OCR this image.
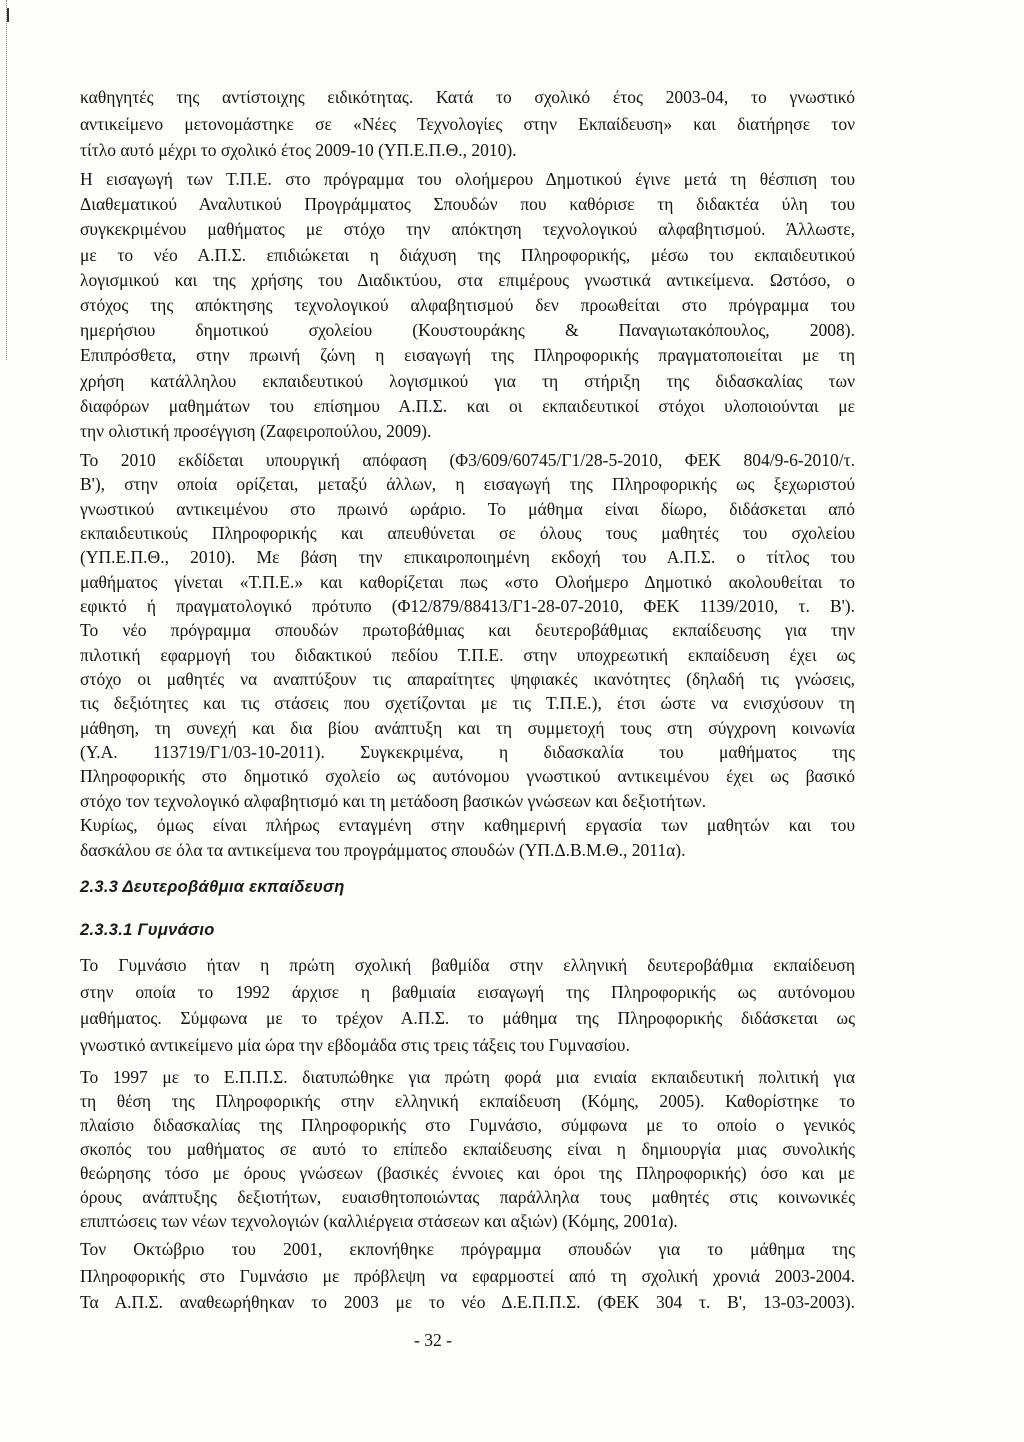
καθηγητές της αντίστοιχης ειδικότητας. Κατά το σχολικό έτος 2003-04, το γνωστικό
αντικείμενο μετονομάστηκε σε «Νέες Τεχνολογίες στην Εκπαίδευση» και διατήρησε τον
τίτλο αυτό μέχρι το σχολικό έτος 2009-10 (ΥΠ.Ε.Π.Θ., 2010).
Η εισαγωγή των Τ.Π.Ε. στο πρόγραμμα του ολοήμερου Δημοτικού έγινε μετά τη θέσπιση του
Διαθεματικού Αναλυτικού Προγράμματος Σπουδών που καθόρισε τη διδακτέα ύλη του
συγκεκριμένου μαθήματος με στόχο την απόκτηση τεχνολογικού αλφαβητισμού. Άλλωστε,
με το νέο Α.Π.Σ. επιδιώκεται η διάχυση της Πληροφορικής, μέσω του εκπαιδευτικού
λογισμικού και της χρήσης του Διαδικτύου, στα επιμέρους γνωστικά αντικείμενα. Ωστόσο, ο
στόχος της απόκτησης τεχνολογικού αλφαβητισμού δεν προωθείται στο πρόγραμμα του
ημερήσιου δημοτικού σχολείου (Κουστουράκης & Παναγιωτακόπουλος, 2008).
Επιπρόσθετα, στην πρωινή ζώνη η εισαγωγή της Πληροφορικής πραγματοποιείται με τη
χρήση κατάλληλου εκπαιδευτικού λογισμικού για τη στήριξη της διδασκαλίας των
διαφόρων μαθημάτων του επίσημου Α.Π.Σ. και οι εκπαιδευτικοί στόχοι υλοποιούνται με
την ολιστική προσέγγιση (Ζαφειροπούλου, 2009).
Το 2010 εκδίδεται υπουργική απόφαση (Φ3/609/60745/Γ1/28-5-2010, ΦΕΚ 804/9-6-2010/τ.
Β'), στην οποία ορίζεται, μεταξύ άλλων, η εισαγωγή της Πληροφορικής ως ξεχωριστού
γνωστικού αντικειμένου στο πρωινό ωράριο. Το μάθημα είναι δίωρο, διδάσκεται από
εκπαιδευτικούς Πληροφορικής και απευθύνεται σε όλους τους μαθητές του σχολείου
(ΥΠ.Ε.Π.Θ., 2010). Με βάση την επικαιροποιημένη εκδοχή του Α.Π.Σ. ο τίτλος του
μαθήματος γίνεται «Τ.Π.Ε.» και καθορίζεται πως «στο Ολοήμερο Δημοτικό ακολουθείται το
εφικτό ή πραγματολογικό πρότυπο (Φ12/879/88413/Γ1-28-07-2010, ΦΕΚ 1139/2010, τ. Β').
Το νέο πρόγραμμα σπουδών πρωτοβάθμιας και δευτεροβάθμιας εκπαίδευσης για την
πιλοτική εφαρμογή του διδακτικού πεδίου Τ.Π.Ε. στην υποχρεωτική εκπαίδευση έχει ως
στόχο οι μαθητές να αναπτύξουν τις απαραίτητες ψηφιακές ικανότητες (δηλαδή τις γνώσεις,
τις δεξιότητες και τις στάσεις που σχετίζονται με τις Τ.Π.Ε.), έτσι ώστε να ενισχύσουν τη
μάθηση, τη συνεχή και δια βίου ανάπτυξη και τη συμμετοχή τους στη σύγχρονη κοινωνία
(Υ.Α. 113719/Γ1/03-10-2011). Συγκεκριμένα, η διδασκαλία του μαθήματος της
Πληροφορικής στο δημοτικό σχολείο ως αυτόνομου γνωστικού αντικειμένου έχει ως βασικό
στόχο τον τεχνολογικό αλφαβητισμό και τη μετάδοση βασικών γνώσεων και δεξιοτήτων.
Κυρίως, όμως είναι πλήρως ενταγμένη στην καθημερινή εργασία των μαθητών και του
δασκάλου σε όλα τα αντικείμενα του προγράμματος σπουδών (ΥΠ.Δ.Β.Μ.Θ., 2011α).
2.3.3 Δευτεροβάθμια εκπαίδευση
2.3.3.1 Γυμνάσιο
Το Γυμνάσιο ήταν η πρώτη σχολική βαθμίδα στην ελληνική δευτεροβάθμια εκπαίδευση
στην οποία το 1992 άρχισε η βαθμιαία εισαγωγή της Πληροφορικής ως αυτόνομου
μαθήματος. Σύμφωνα με το τρέχον Α.Π.Σ. το μάθημα της Πληροφορικής διδάσκεται ως
γνωστικό αντικείμενο μία ώρα την εβδομάδα στις τρεις τάξεις του Γυμνασίου.
Το 1997 με το Ε.Π.Π.Σ. διατυπώθηκε για πρώτη φορά μια ενιαία εκπαιδευτική πολιτική για
τη θέση της Πληροφορικής στην ελληνική εκπαίδευση (Κόμης, 2005). Καθορίστηκε το
πλαίσιο διδασκαλίας της Πληροφορικής στο Γυμνάσιο, σύμφωνα με το οποίο ο γενικός
σκοπός του μαθήματος σε αυτό το επίπεδο εκπαίδευσης είναι η δημιουργία μιας συνολικής
θεώρησης τόσο με όρους γνώσεων (βασικές έννοιες και όροι της Πληροφορικής) όσο και με
όρους ανάπτυξης δεξιοτήτων, ευαισθητοποιώντας παράλληλα τους μαθητές στις κοινωνικές
επιπτώσεις των νέων τεχνολογιών (καλλιέργεια στάσεων και αξιών) (Κόμης, 2001α).
Τον Οκτώβριο του 2001, εκπονήθηκε πρόγραμμα σπουδών για το μάθημα της
Πληροφορικής στο Γυμνάσιο με πρόβλεψη να εφαρμοστεί από τη σχολική χρονιά 2003-2004.
Τα Α.Π.Σ. αναθεωρήθηκαν το 2003 με το νέο Δ.Ε.Π.Π.Σ. (ΦΕΚ 304 τ. Β', 13-03-2003).
- 32 -
